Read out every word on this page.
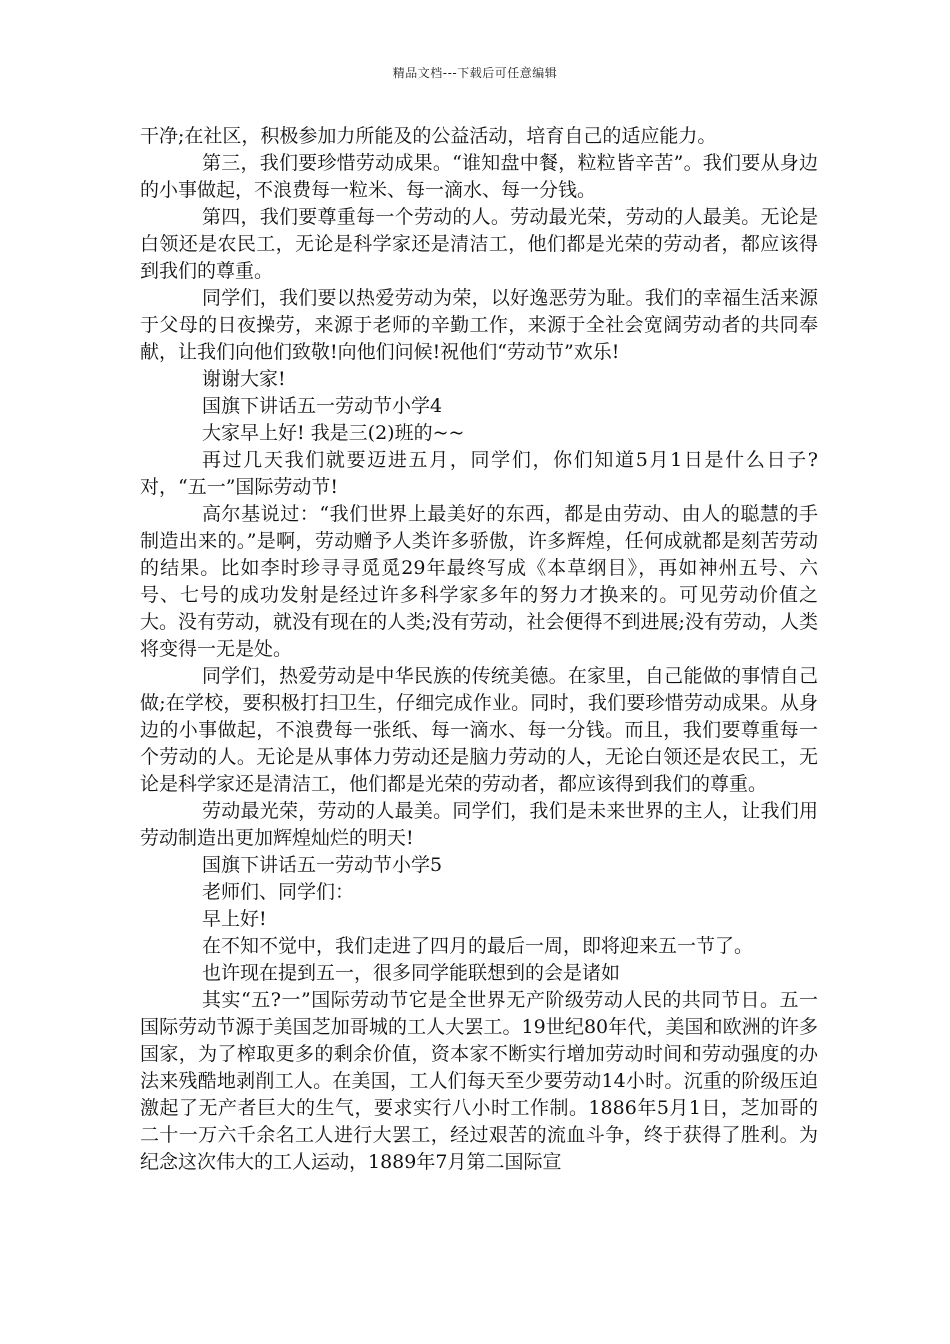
精品文档---下载后可任意编辑

干净;在社区，积极参加力所能及的公益活动，培育自己的适应能力。

第三，我们要珍惜劳动成果。“谁知盘中餐，粒粒皆辛苦”。我们要从身边的小事做起，不浪费每一粒米、每一滴水、每一分钱。

第四，我们要尊重每一个劳动的人。劳动最光荣，劳动的人最美。无论是白领还是农民工，无论是科学家还是清洁工，他们都是光荣的劳动者，都应该得到我们的尊重。

同学们，我们要以热爱劳动为荣，以好逸恶劳为耻。我们的幸福生活来源于父母的日夜操劳，来源于老师的辛勤工作，来源于全社会宽阔劳动者的共同奉献，让我们向他们致敬!向他们问候!祝他们“劳动节”欢乐!

谢谢大家!

国旗下讲话五一劳动节小学4

大家早上好! 我是三(2)班的~~

再过几天我们就要迈进五月，同学们，你们知道5月1日是什么日子?对，“五一”国际劳动节!

高尔基说过：“我们世界上最美好的东西，都是由劳动、由人的聪慧的手制造出来的。”是啊，劳动赠予人类许多骄傲，许多辉煌，任何成就都是刻苦劳动的结果。比如李时珍寻寻觅觅29年最终写成《本草纲目》，再如神州五号、六号、七号的成功发射是经过许多科学家多年的努力才换来的。可见劳动价值之大。没有劳动，就没有现在的人类;没有劳动，社会便得不到进展;没有劳动，人类将变得一无是处。

同学们，热爱劳动是中华民族的传统美德。在家里，自己能做的事情自己做;在学校，要积极打扫卫生，仔细完成作业。同时，我们要珍惜劳动成果。从身边的小事做起，不浪费每一张纸、每一滴水、每一分钱。而且，我们要尊重每一个劳动的人。无论是从事体力劳动还是脑力劳动的人，无论白领还是农民工，无论是科学家还是清洁工，他们都是光荣的劳动者，都应该得到我们的尊重。

劳动最光荣，劳动的人最美。同学们，我们是未来世界的主人，让我们用劳动制造出更加辉煌灿烂的明天!

国旗下讲话五一劳动节小学5

老师们、同学们：

早上好!

在不知不觉中，我们走进了四月的最后一周，即将迎来五一节了。

也许现在提到五一，很多同学能联想到的会是诸如

其实“五?一”国际劳动节它是全世界无产阶级劳动人民的共同节日。五一国际劳动节源于美国芝加哥城的工人大罢工。19世纪80年代，美国和欧洲的许多国家，为了榨取更多的剩余价值，资本家不断实行增加劳动时间和劳动强度的办法来残酷地剥削工人。在美国，工人们每天至少要劳动14小时。沉重的阶级压迫激起了无产者巨大的生气，要求实行八小时工作制。1886年5月1日，芝加哥的二十一万六千余名工人进行大罢工，经过艰苦的流血斗争，终于获得了胜利。为纪念这次伟大的工人运动，1889年7月第二国际宣
